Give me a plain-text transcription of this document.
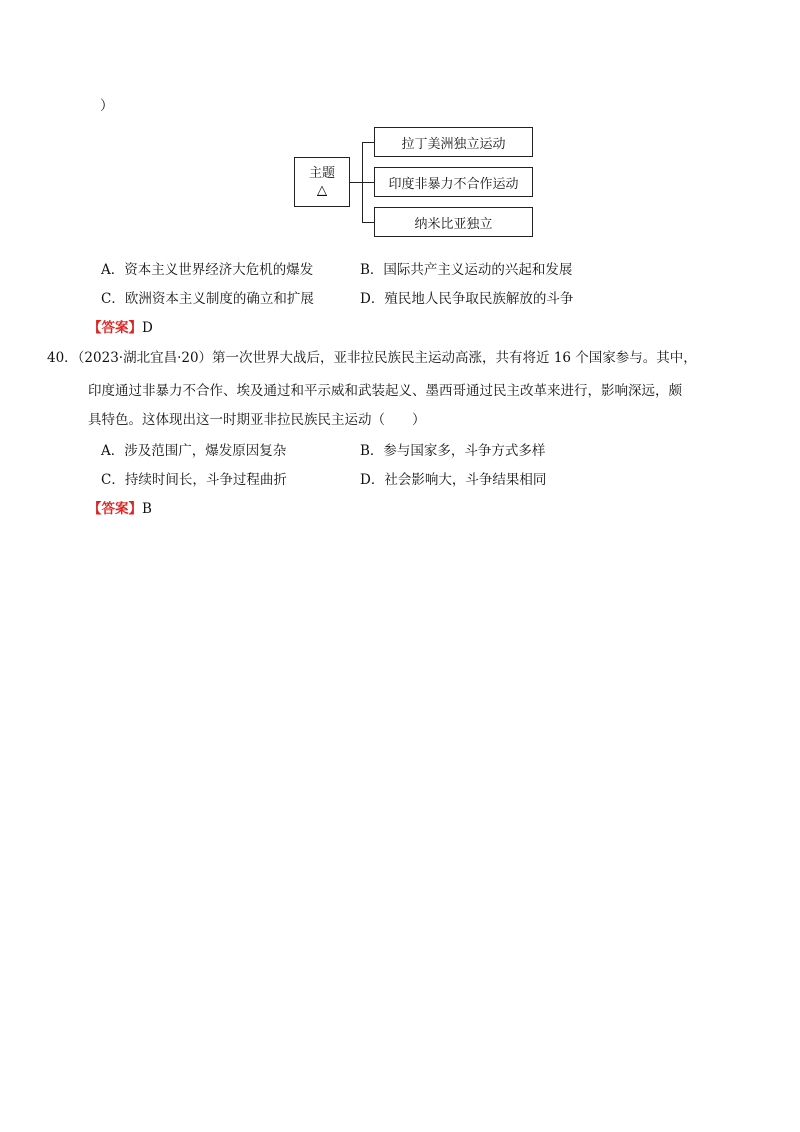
）
主题
△
拉丁美洲独立运动
印度非暴力不合作运动
纳米比亚独立
A．资本主义世界经济大危机的爆发	B．国际共产主义运动的兴起和发展
C．欧洲资本主义制度的确立和扩展	D．殖民地人民争取民族解放的斗争
【答案】D
40．（2023·湖北宜昌·20）第一次世界大战后，亚非拉民族民主运动高涨，共有将近 16 个国家参与。其中，
印度通过非暴力不合作、埃及通过和平示威和武装起义、墨西哥通过民主改革来进行，影响深远，颇
具特色。这体现出这一时期亚非拉民族民主运动（　　）
A．涉及范围广，爆发原因复杂	B．参与国家多，斗争方式多样
C．持续时间长，斗争过程曲折	D．社会影响大，斗争结果相同
【答案】B
